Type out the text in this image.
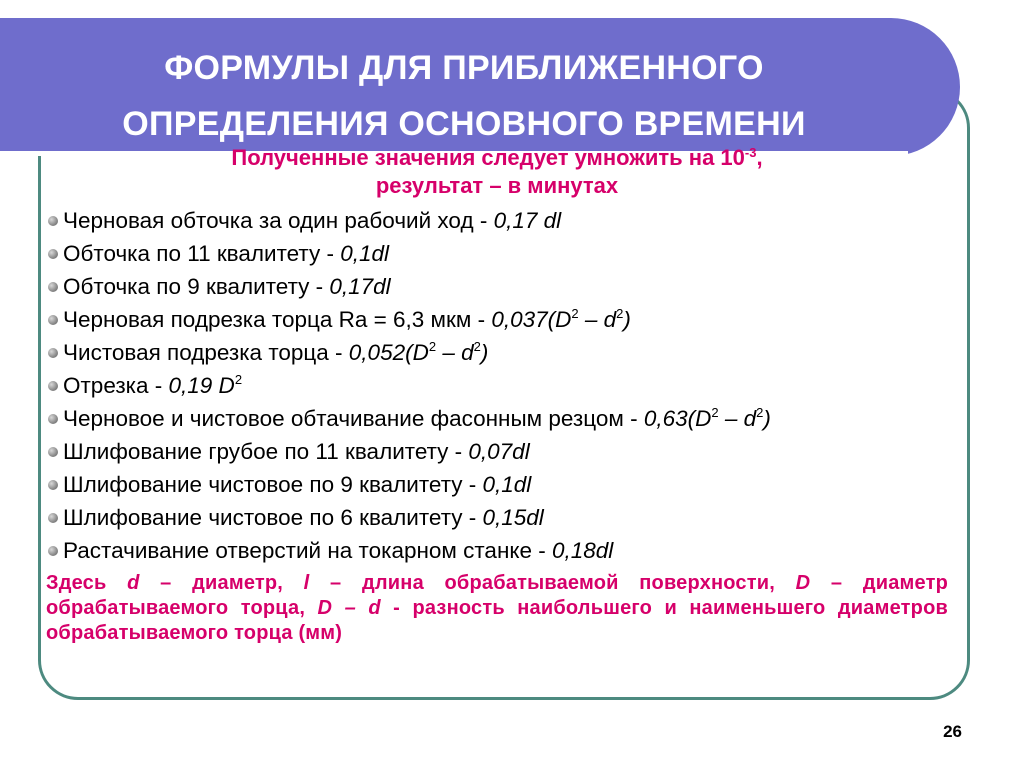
ФОРМУЛЫ ДЛЯ ПРИБЛИЖЕННОГО
ОПРЕДЕЛЕНИЯ ОСНОВНОГО ВРЕМЕНИ

Полученные значения следует умножить на $10^{-3}$,
результат – в минутах

Черновая обточка за один рабочий ход - 0,17 dl
Обточка по 11 квалитету - 0,1dl
Обточка по 9 квалитету - 0,17dl
Черновая подрезка торца Ra = 6,3 мкм - $0,037(D^2 - d^2)$
Чистовая подрезка торца - $0,052(D^2 - d^2)$
Отрезка - 0,19 $D^2$
Черновое и чистовое обтачивание фасонным резцом - $0,63(D^2 - d^2)$
Шлифование грубое по 11 квалитету - 0,07dl
Шлифование чистовое по 9 квалитету - 0,1dl
Шлифование чистовое по 6 квалитету - 0,15dl
Растачивание отверстий на токарном станке - 0,18dl

Здесь d – диаметр, l – длина обрабатываемой поверхности, D – диаметр обрабатываемого торца, D – d - разность наибольшего и наименьшего диаметров обрабатываемого торца (мм)

26
